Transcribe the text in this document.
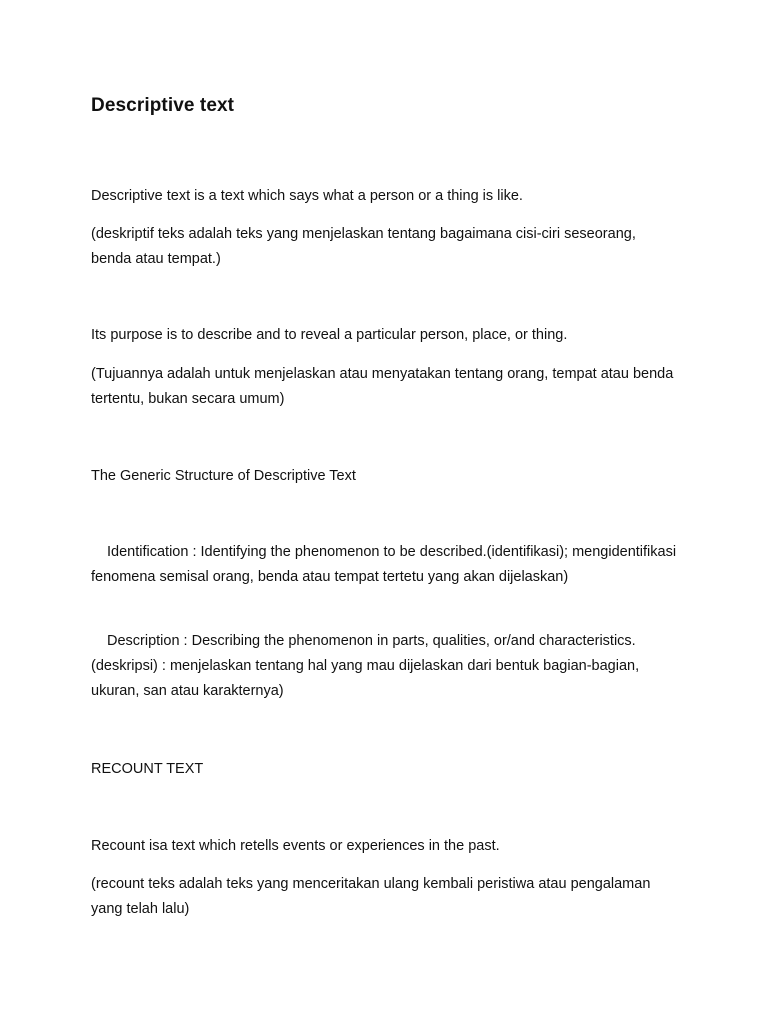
Descriptive text

Descriptive text is a text which says what a person or a thing is like.

(deskriptif teks adalah teks yang menjelaskan tentang bagaimana cisi-ciri seseorang, benda atau tempat.)

Its purpose is to describe and to reveal a particular person, place, or thing.

(Tujuannya adalah untuk menjelaskan atau menyatakan tentang orang, tempat atau benda tertentu, bukan secara umum)

The Generic Structure of Descriptive Text

Identification : Identifying the phenomenon to be described.(identifikasi); mengidentifikasi fenomena semisal orang, benda atau tempat tertetu yang akan dijelaskan)

Description : Describing the phenomenon in parts, qualities, or/and characteristics. (deskripsi) : menjelaskan tentang hal yang mau dijelaskan dari bentuk bagian-bagian, ukuran, san atau karakternya)

RECOUNT TEXT

Recount isa text which retells events or experiences in the past.

(recount teks adalah teks yang menceritakan ulang kembali peristiwa atau pengalaman yang telah lalu)
